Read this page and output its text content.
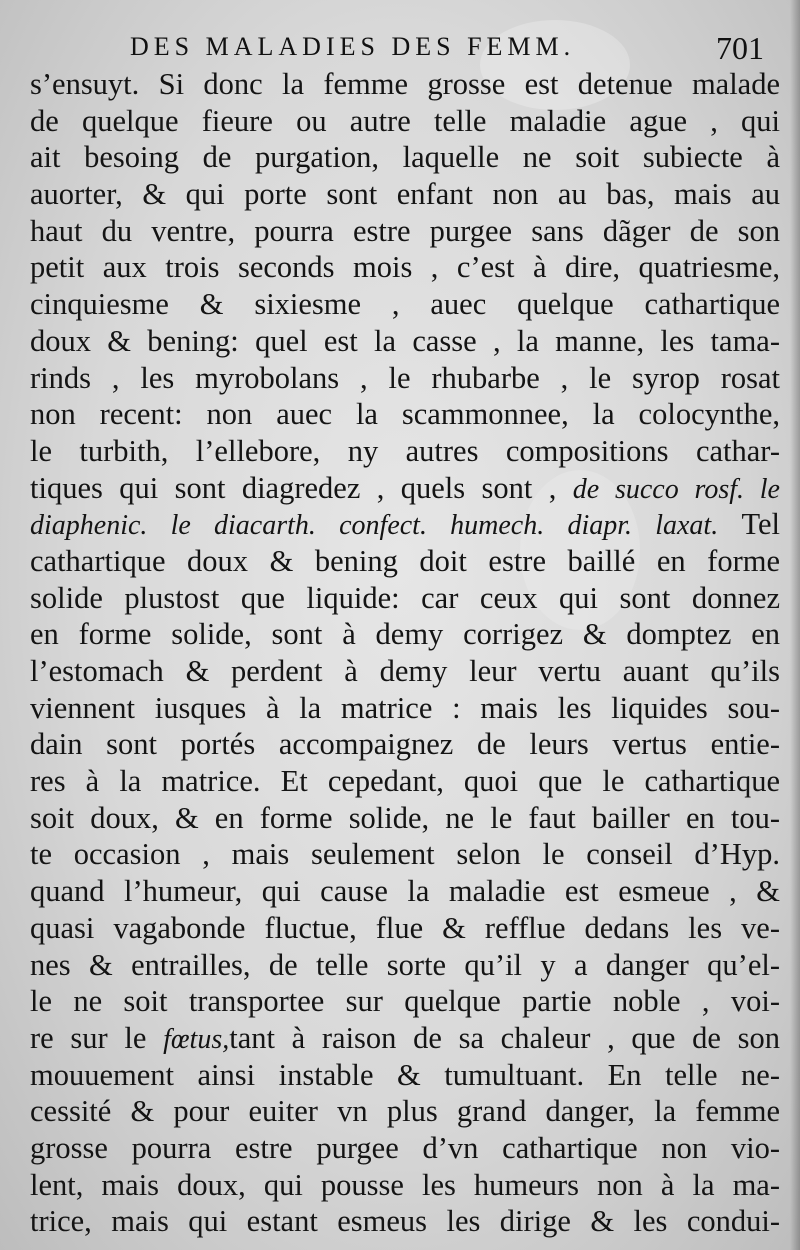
DES MALADIES DES FEMM.	701
s’ensuyt. Si donc la femme grosse est detenue malade
de quelque fieure ou autre telle maladie ague , qui
ait besoing de purgation, laquelle ne soit subiecte à
auorter, & qui porte sont enfant non au bas, mais au
haut du ventre, pourra estre purgee sans dãger de son
petit aux trois seconds mois , c’est à dire, quatriesme,
cinquiesme & sixiesme , auec quelque cathartique
doux & bening: quel est la casse , la manne, les tama-
rinds , les myrobolans , le rhubarbe , le syrop rosat
non recent: non auec la scammonnee, la colocynthe,
le turbith, l’ellebore, ny autres compositions cathar-
tiques qui sont diagredez , quels sont , de succo rosf. le
diaphenic. le diacarth. confect. humech. diapr. laxat. Tel
cathartique doux & bening doit estre baillé en forme
solide plustost que liquide: car ceux qui sont donnez
en forme solide, sont à demy corrigez & domptez en
l’estomach & perdent à demy leur vertu auant qu’ils
viennent iusques à la matrice : mais les liquides sou-
dain sont portés accompaignez de leurs vertus entie-
res à la matrice. Et cepedant, quoi que le cathartique
soit doux, & en forme solide, ne le faut bailler en tou-
te occasion , mais seulement selon le conseil d’Hyp.
quand l’humeur, qui cause la maladie est esmeue , &
quasi vagabonde fluctue, flue & refflue dedans les ve-
nes & entrailles, de telle sorte qu’il y a danger qu’el-
le ne soit transportee sur quelque partie noble , voi-
re sur le fœtus,tant à raison de sa chaleur , que de son
mouuement ainsi instable & tumultuant. En telle ne-
cessité & pour euiter vn plus grand danger, la femme
grosse pourra estre purgee d’vn cathartique non vio-
lent, mais doux, qui pousse les humeurs non à la ma-
trice, mais qui estant esmeus les dirige & les condui-
